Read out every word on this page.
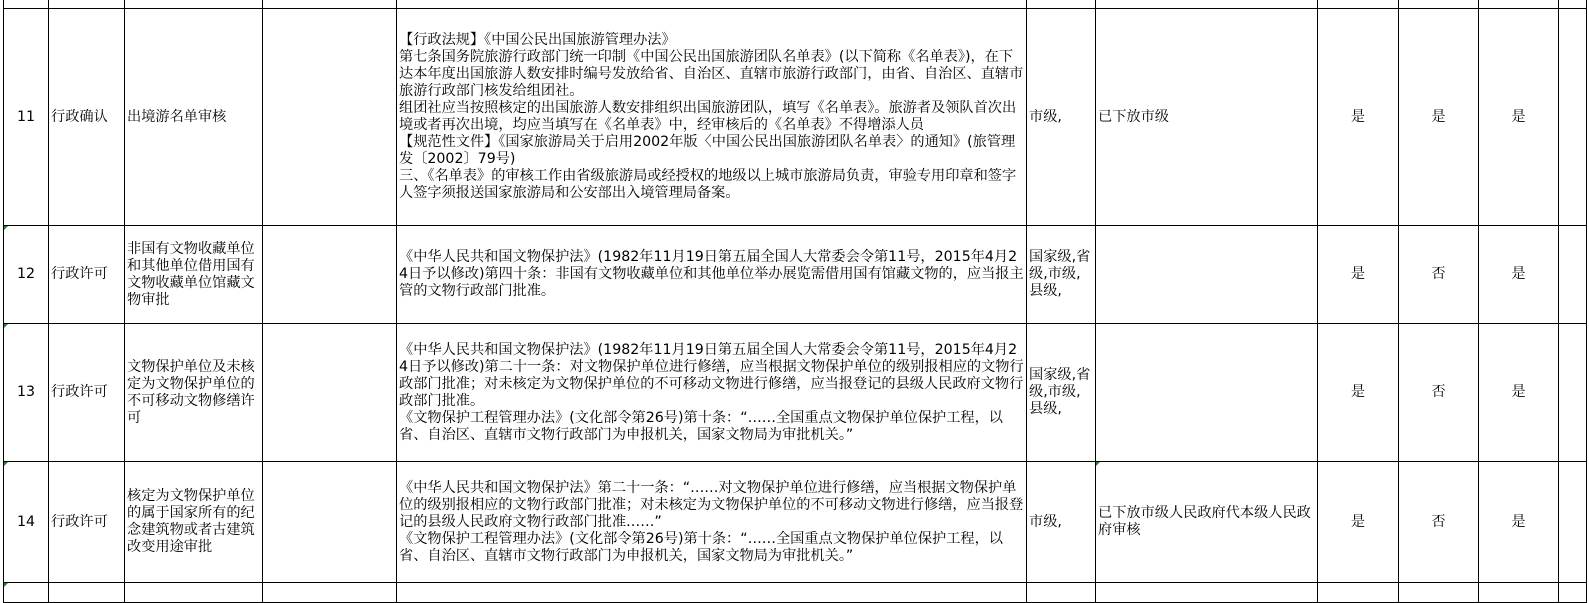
11	行政确认	出境游名单审核		【行政法规】《中国公民出国旅游管理办法》

第七条国务院旅游行政部门统一印制《中国公民出国旅游团队名单表》(以下简称《名单表》)，在下达本年度出国旅游人数安排时编号发放给省、自治区、直辖市旅游行政部门，由省、自治区、直辖市旅游行政部门核发给组团社。

组团社应当按照核定的出国旅游人数安排组织出国旅游团队，填写《名单表》。旅游者及领队首次出境或者再次出境，均应当填写在《名单表》中，经审核后的《名单表》不得增添人员

【规范性文件】《国家旅游局关于启用2002年版〈中国公民出国旅游团队名单表〉的通知》(旅管理发〔2002〕79号)

三、《名单表》的审核工作由省级旅游局或经授权的地级以上城市旅游局负责，审验专用印章和签字人签字须报送国家旅游局和公安部出入境管理局备案。	市级,	已下放市级	是	是	是	
12	行政许可	非国有文物收藏单位和其他单位借用国有文物收藏单位馆藏文物审批		《中华人民共和国文物保护法》(1982年11月19日第五届全国人大常委会令第11号，2015年4月24日予以修改)第四十条：非国有文物收藏单位和其他单位举办展览需借用国有馆藏文物的，应当报主管的文物行政部门批准。	国家级,省级,市级,县级,		是	否	是	
13	行政许可	文物保护单位及未核定为文物保护单位的不可移动文物修缮许可		《中华人民共和国文物保护法》(1982年11月19日第五届全国人大常委会令第11号，2015年4月24日予以修改)第二十一条：对文物保护单位进行修缮，应当根据文物保护单位的级别报相应的文物行政部门批准；对未核定为文物保护单位的不可移动文物进行修缮，应当报登记的县级人民政府文物行政部门批准。

《文物保护工程管理办法》(文化部令第26号)第十条：“……全国重点文物保护单位保护工程，以省、自治区、直辖市文物行政部门为申报机关，国家文物局为审批机关。”	国家级,省级,市级,县级,		是	否	是	
14	行政许可	核定为文物保护单位的属于国家所有的纪念建筑物或者古建筑改变用途审批		《中华人民共和国文物保护法》第二十一条：“……对文物保护单位进行修缮，应当根据文物保护单位的级别报相应的文物行政部门批准；对未核定为文物保护单位的不可移动文物进行修缮，应当报登记的县级人民政府文物行政部门批准……”

《文物保护工程管理办法》(文化部令第26号)第十条：“……全国重点文物保护单位保护工程，以省、自治区、直辖市文物行政部门为申报机关，国家文物局为审批机关。”	市级,	已下放市级人民政府代本级人民政府审核	是	否	是	
